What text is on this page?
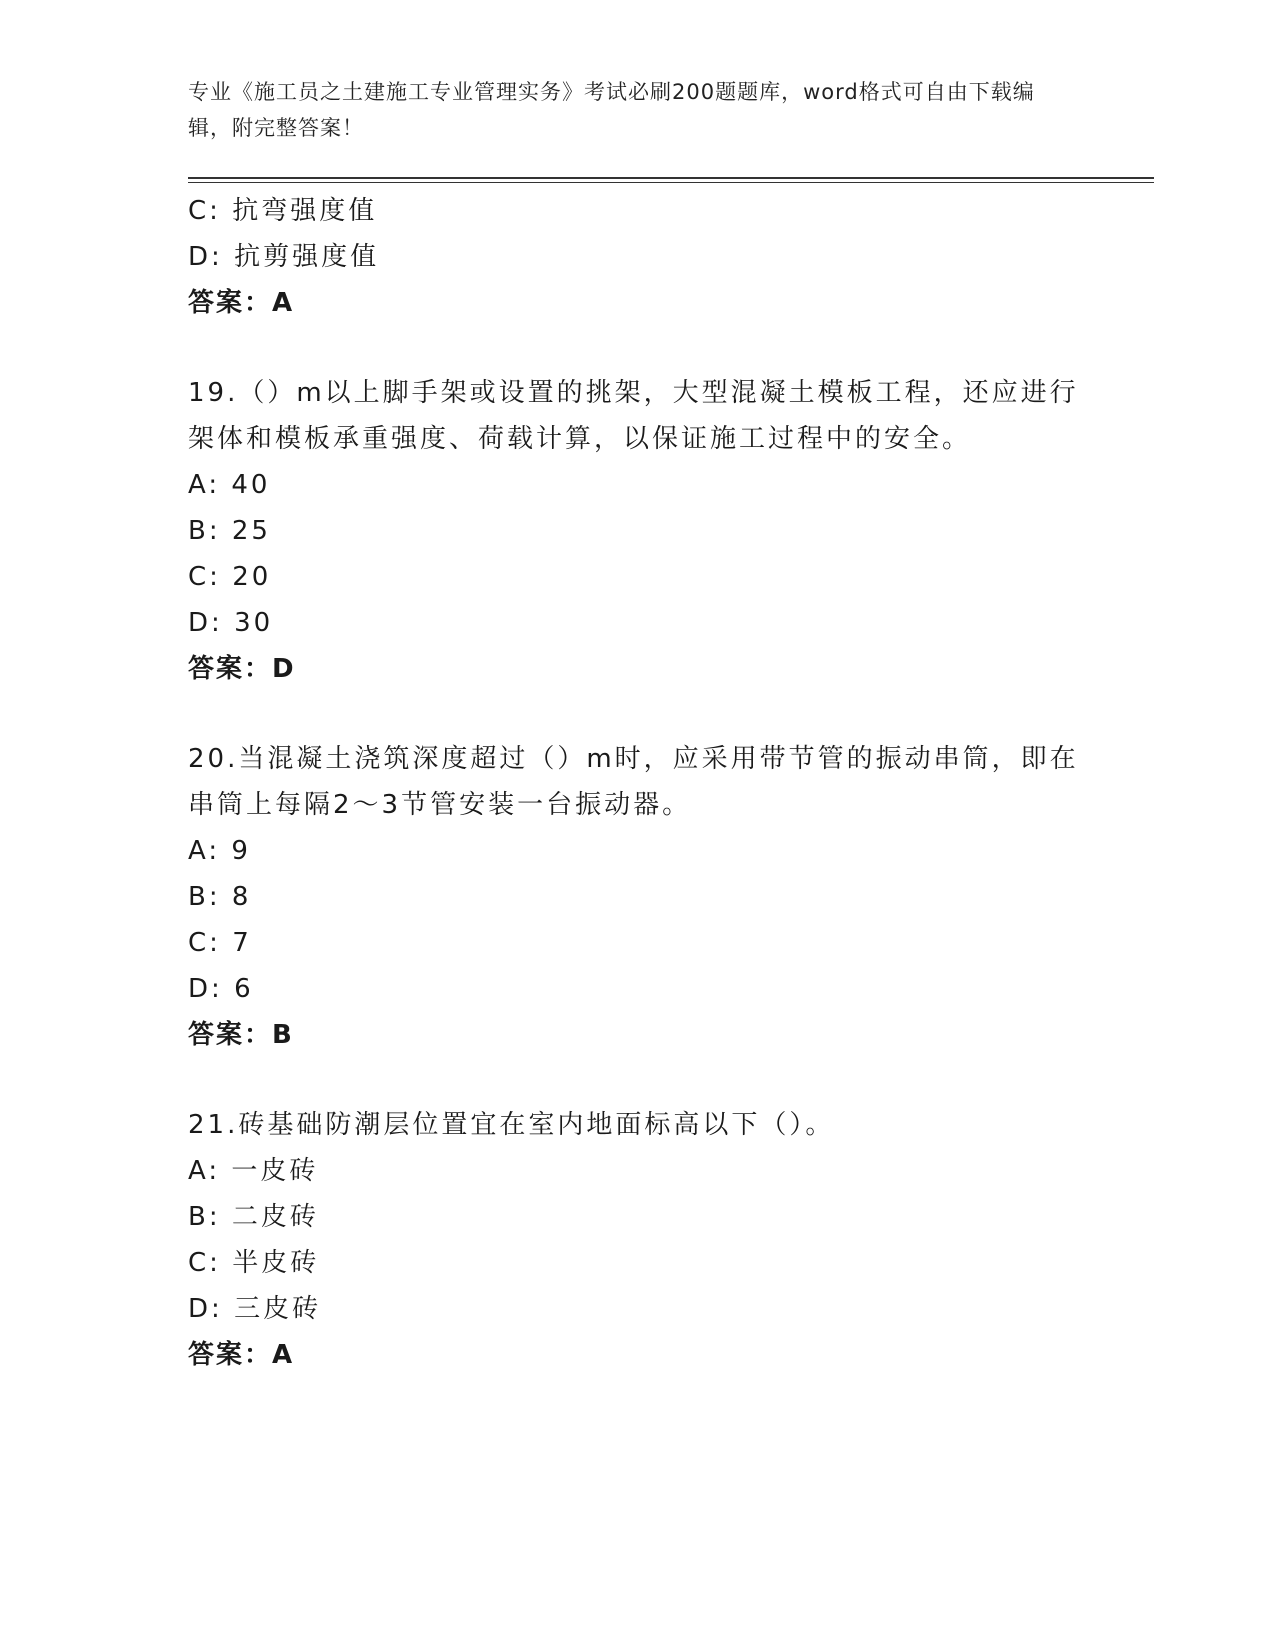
专业《施工员之土建施工专业管理实务》考试必刷200题题库，word格式可自由下载编辑，附完整答案！
C: 抗弯强度值
D: 抗剪强度值
答案：A
19.（）m以上脚手架或设置的挑架，大型混凝土模板工程，还应进行
架体和模板承重强度、荷载计算，以保证施工过程中的安全。
A: 40
B: 25
C: 20
D: 30
答案：D
20.当混凝土浇筑深度超过（）m时，应采用带节管的振动串筒，即在
串筒上每隔2～3节管安装一台振动器。
A: 9
B: 8
C: 7
D: 6
答案：B
21.砖基础防潮层位置宜在室内地面标高以下（）。
A: 一皮砖
B: 二皮砖
C: 半皮砖
D: 三皮砖
答案：A
